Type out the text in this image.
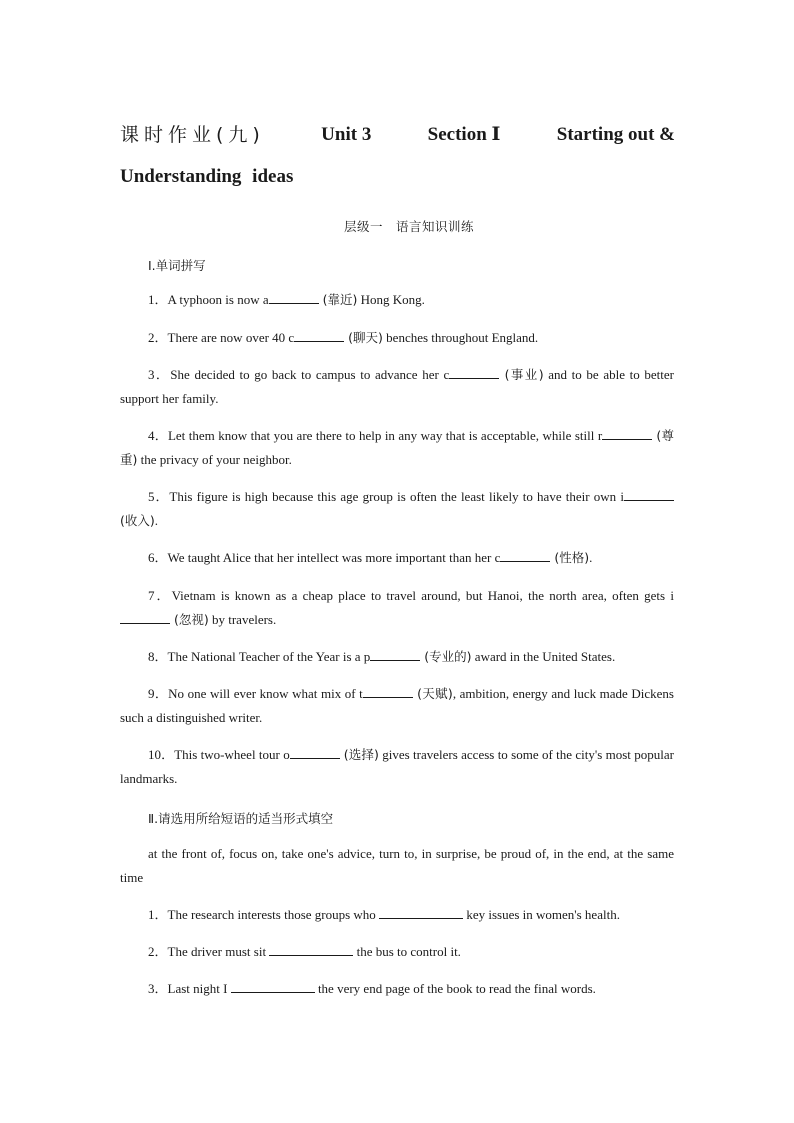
课时作业(九)	Unit 3	Section Ⅰ	Starting out &
Understanding ideas
层级一　语言知识训练
Ⅰ.单词拼写

1．A typhoon is now a	(靠近) Hong Kong.

2．There are now over 40 c	(聊天) benches throughout England.

3．She decided to go back to campus to advance her c	(事业) and to be able to better support her family.

4．Let them know that you are there to help in any way that is acceptable, while still r	(尊重) the privacy of your neighbor.

5．This figure is high because this age group is often the least likely to have their own i (收入).

6．We taught Alice that her intellect was more important than her c	(性格).

7．Vietnam is known as a cheap place to travel around, but Hanoi, the north area, often gets i (忽视) by travelers.

8．The National Teacher of the Year is a p	(专业的) award in the United States.

9．No one will ever know what mix of t	(天赋), ambition, energy and luck made Dickens such a distinguished writer.

10．This two-wheel tour o	(选择) gives travelers access to some of the city's most popular landmarks.

Ⅱ.请选用所给短语的适当形式填空

at the front of, focus on, take one's advice, turn to, in surprise, be proud of, in the end, at the same time

1．The research interests those groups who	key issues in women's health.

2．The driver must sit	the bus to control it.

3．Last night I	the very end page of the book to read the final words.
